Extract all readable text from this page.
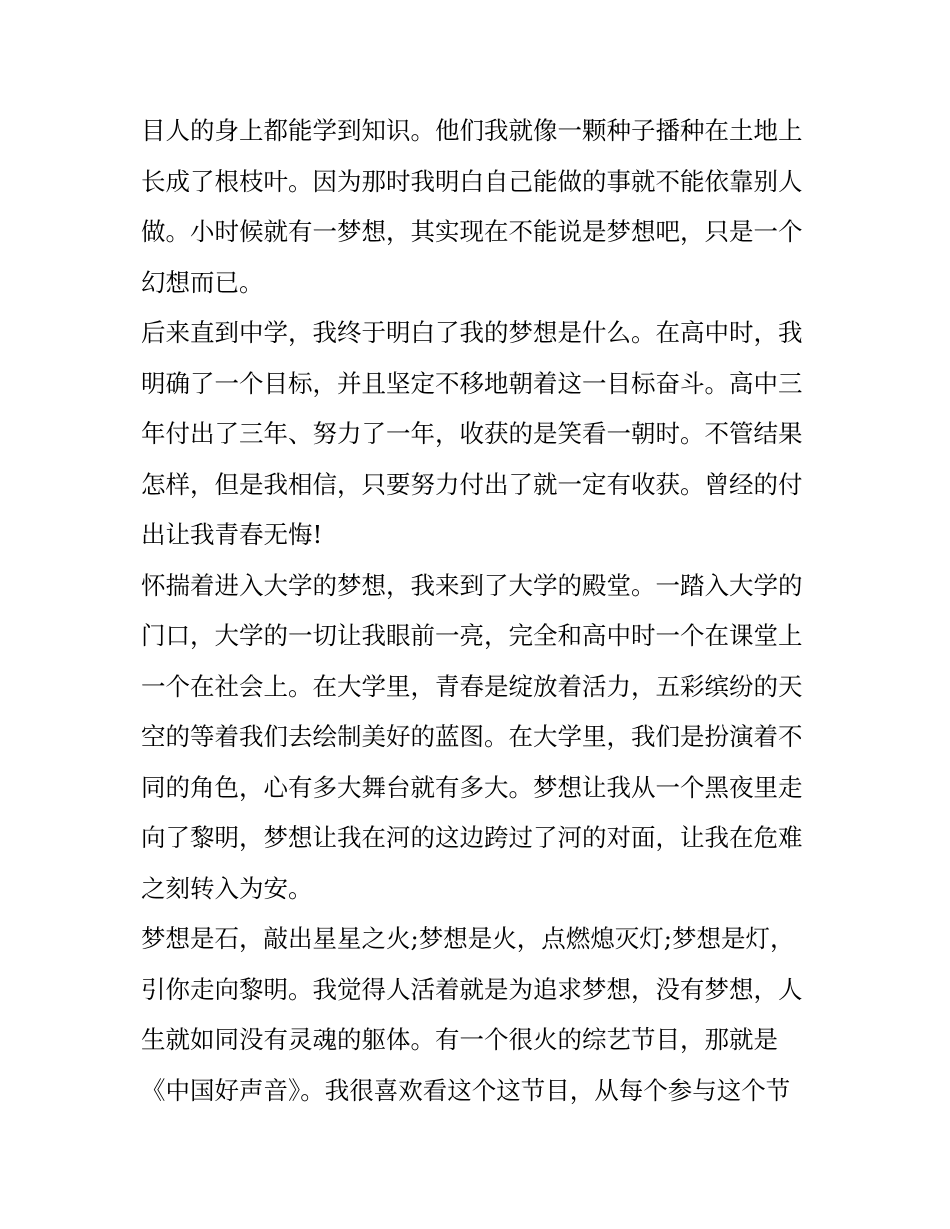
目人的身上都能学到知识。他们我就像一颗种子播种在土地上
长成了根枝叶。因为那时我明白自己能做的事就不能依靠别人
做。小时候就有一梦想，其实现在不能说是梦想吧，只是一个
幻想而已。
后来直到中学，我终于明白了我的梦想是什么。在高中时，我
明确了一个目标，并且坚定不移地朝着这一目标奋斗。高中三
年付出了三年、努力了一年，收获的是笑看一朝时。不管结果
怎样，但是我相信，只要努力付出了就一定有收获。曾经的付
出让我青春无悔!
怀揣着进入大学的梦想，我来到了大学的殿堂。一踏入大学的
门口，大学的一切让我眼前一亮，完全和高中时一个在课堂上
一个在社会上。在大学里，青春是绽放着活力，五彩缤纷的天
空的等着我们去绘制美好的蓝图。在大学里，我们是扮演着不
同的角色，心有多大舞台就有多大。梦想让我从一个黑夜里走
向了黎明，梦想让我在河的这边跨过了河的对面，让我在危难
之刻转入为安。
梦想是石，敲出星星之火;梦想是火，点燃熄灭灯;梦想是灯，
引你走向黎明。我觉得人活着就是为追求梦想，没有梦想，人
生就如同没有灵魂的躯体。有一个很火的综艺节目，那就是
《中国好声音》。我很喜欢看这个这节目，从每个参与这个节
